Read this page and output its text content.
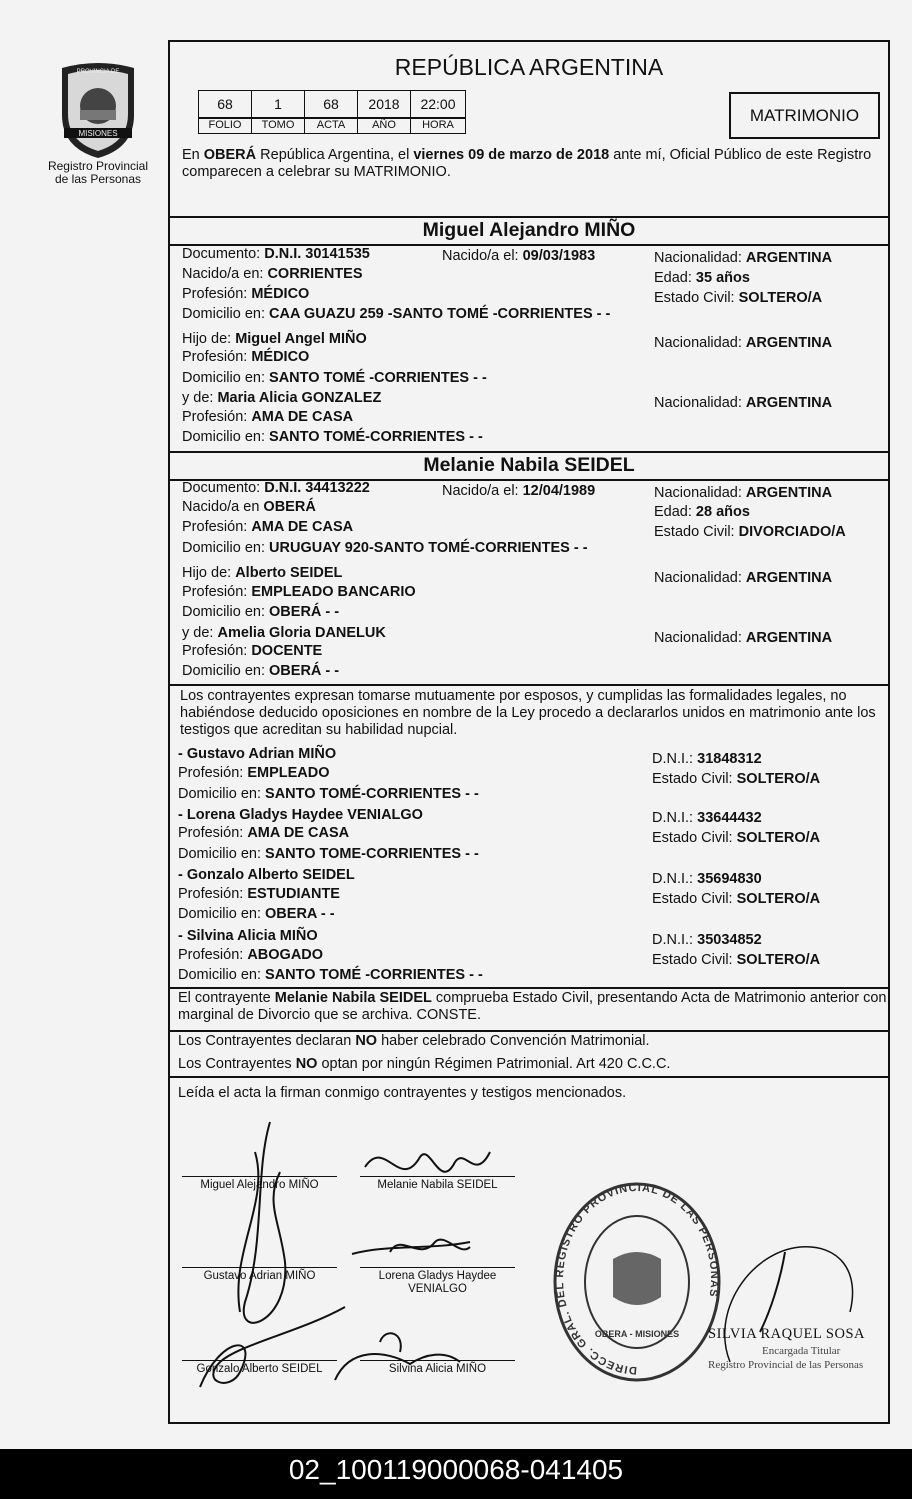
MISIONES
PROVINCIA DE
Registro Provincial
de las Personas
REPÚBLICA ARGENTINA
68	1	68	2018	22:00
FOLIO	TOMO	ACTA	AÑO	HORA	MATRIMONIO
En OBERÁ República Argentina, el viernes 09 de marzo de 2018 ante mí, Oficial Público de este Registro comparecen a celebrar su MATRIMONIO.
Miguel Alejandro MIÑO
Documento: D.N.I. 30141535	Nacido/a el: 09/03/1983	Nacionalidad: ARGENTINA
Nacido/a en: CORRIENTES	Edad: 35 años
Profesión: MÉDICO	Estado Civil: SOLTERO/A
Domicilio en: CAA GUAZU 259 -SANTO TOMÉ -CORRIENTES - -
Hijo de: Miguel Angel MIÑO	Nacionalidad: ARGENTINA
Profesión: MÉDICO
Domicilio en: SANTO TOMÉ -CORRIENTES - -
y de: Maria Alicia GONZALEZ	Nacionalidad: ARGENTINA
Profesión: AMA DE CASA
Domicilio en: SANTO TOMÉ-CORRIENTES - -
Melanie Nabila SEIDEL
Documento: D.N.I. 34413222	Nacido/a el: 12/04/1989	Nacionalidad: ARGENTINA
Nacido/a en OBERÁ	Edad: 28 años
Profesión: AMA DE CASA	Estado Civil: DIVORCIADO/A
Domicilio en: URUGUAY 920-SANTO TOMÉ-CORRIENTES - -
Hijo de: Alberto SEIDEL	Nacionalidad: ARGENTINA
Profesión: EMPLEADO BANCARIO
Domicilio en: OBERÁ - -
y de: Amelia Gloria DANELUK	Nacionalidad: ARGENTINA
Profesión: DOCENTE
Domicilio en: OBERÁ - -
Los contrayentes expresan tomarse mutuamente por esposos, y cumplidas las formalidades legales, no habiéndose deducido oposiciones en nombre de la Ley procedo a declararlos unidos en matrimonio ante los testigos que acreditan su habilidad nupcial.
- Gustavo Adrian MIÑO	D.N.I.: 31848312
Profesión: EMPLEADO	Estado Civil: SOLTERO/A
Domicilio en: SANTO TOMÉ-CORRIENTES - -
- Lorena Gladys Haydee VENIALGO	D.N.I.: 33644432
Profesión: AMA DE CASA	Estado Civil: SOLTERO/A
Domicilio en: SANTO TOME-CORRIENTES - -
- Gonzalo Alberto SEIDEL	D.N.I.: 35694830
Profesión: ESTUDIANTE	Estado Civil: SOLTERO/A
Domicilio en: OBERA - -
- Silvina Alicia MIÑO	D.N.I.: 35034852
Profesión: ABOGADO	Estado Civil: SOLTERO/A
Domicilio en: SANTO TOMÉ -CORRIENTES - -
El contrayente Melanie Nabila SEIDEL comprueba Estado Civil, presentando Acta de Matrimonio anterior con marginal de Divorcio que se archiva. CONSTE.
Los Contrayentes declaran NO haber celebrado Convención Matrimonial.
Los Contrayentes NO optan por ningún Régimen Patrimonial. Art 420 C.C.C.
Leída el acta la firman conmigo contrayentes y testigos mencionados.
Miguel Alejandro MIÑO	Melanie Nabila SEIDEL
Gustavo Adrian MIÑO	Lorena Gladys Haydee
VENIALGO
Gonzalo Alberto SEIDEL	Silvina Alicia MIÑO	DIRECC. GRAL. DEL REGISTRO PROVINCIAL DE LAS PERSONAS
OBERA - MISIONES SILVIA RAQUEL SOSA
Encargada Titular
Registro Provincial de las Personas
02_100119000068-041405
